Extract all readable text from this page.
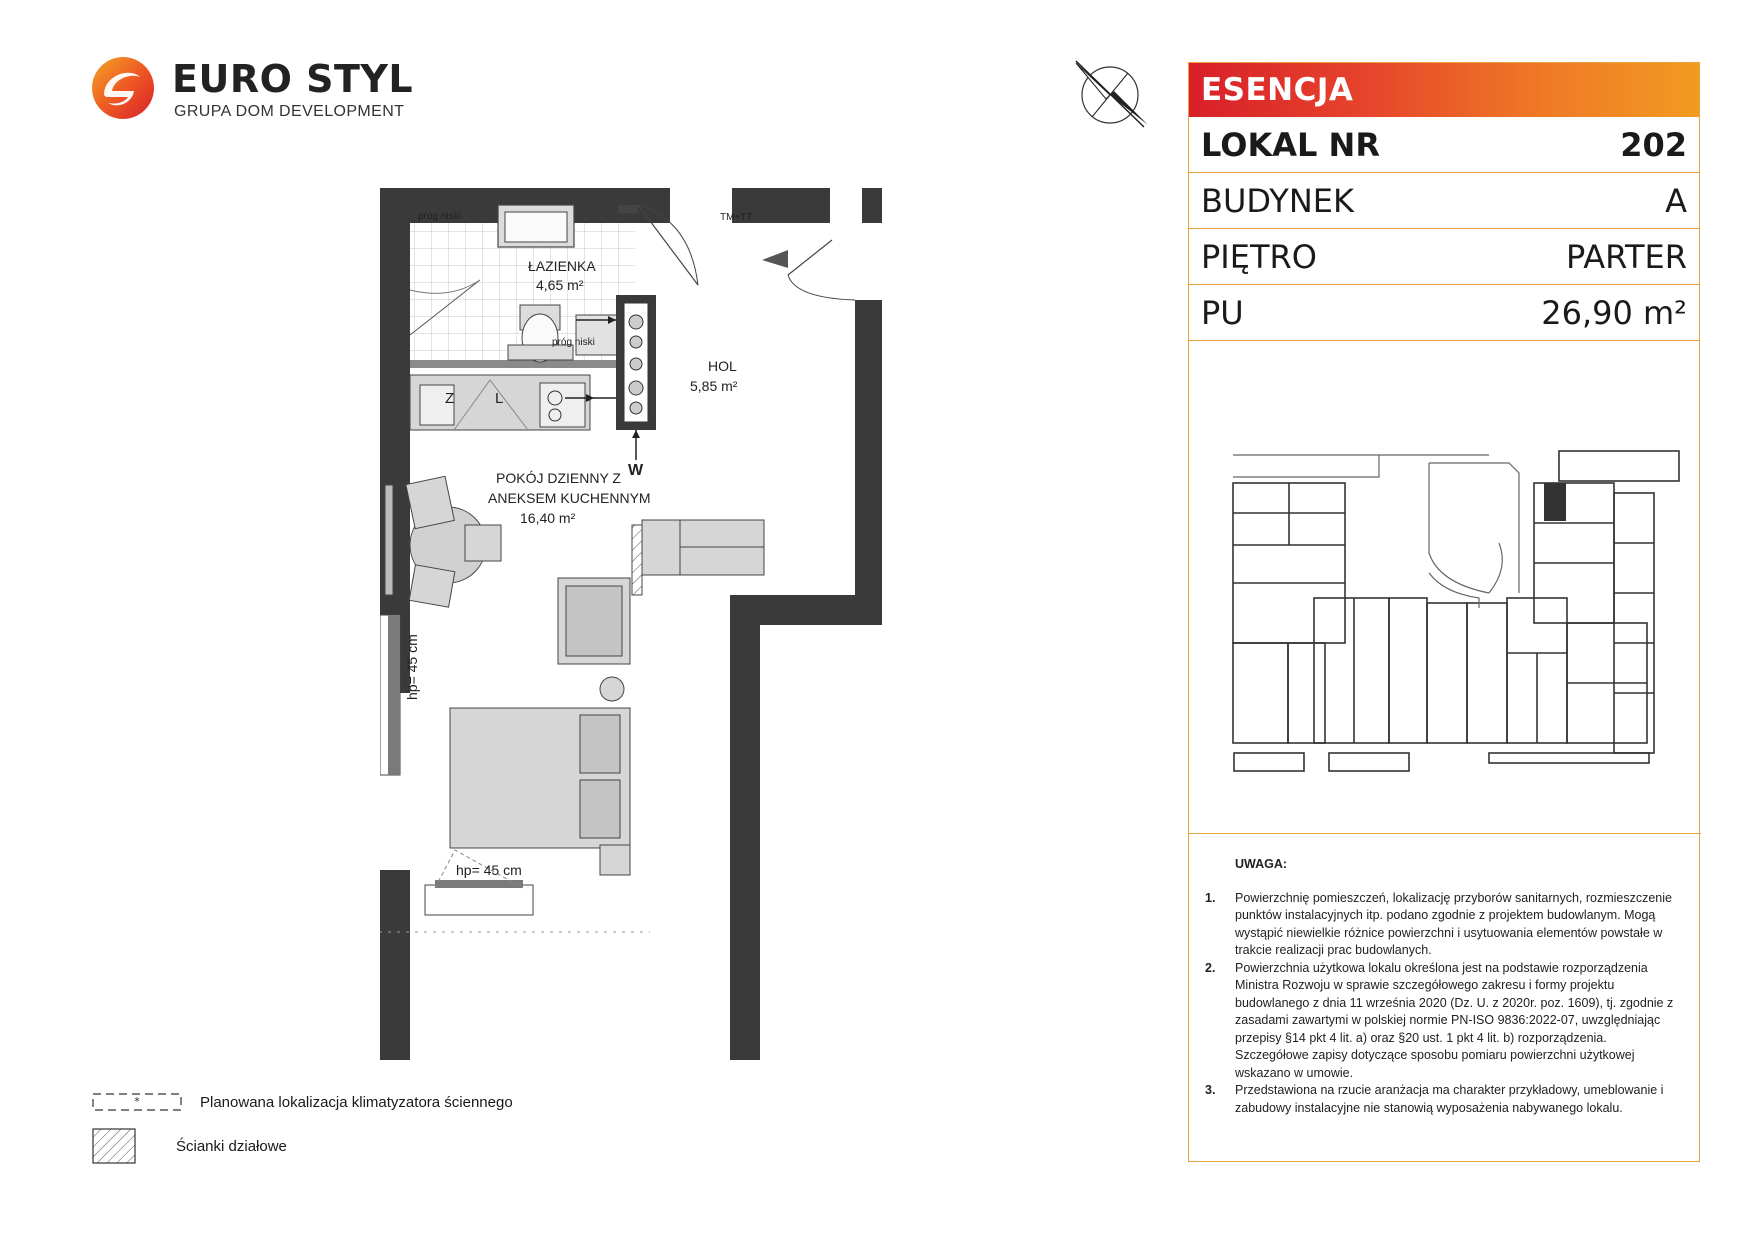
EURO STYL
GRUPA DOM DEVELOPMENT
próg niski	TM+TT
ŁAZIENKA
4,65 m²
próg niski
HOL
5,85 m²
Z	L
W
POKÓJ DZIENNY Z
ANEKSEM KUCHENNYM
16,40 m²
hp= 45 cm
hp= 45 cm
ESENCJA
LOKAL NR	202
BUDYNEK	A
PIĘTRO	PARTER
PU	26,90 m²
UWAGA:
1.	Powierzchnię pomieszczeń, lokalizację przyborów sanitarnych, rozmieszczenie punktów instalacyjnych itp. podano zgodnie z projektem budowlanym. Mogą wystąpić niewielkie różnice powierzchni i usytuowania elementów powstałe w trakcie realizacji prac budowlanych.
2.	Powierzchnia użytkowa lokalu określona jest na podstawie rozporządzenia Ministra Rozwoju w sprawie szczegółowego zakresu i formy projektu budowlanego z dnia 11 września 2020 (Dz. U. z 2020r. poz. 1609), tj. zgodnie z zasadami zawartymi w polskiej normie PN-ISO 9836:2022-07, uwzględniając przepisy §14 pkt 4 lit. a) oraz §20 ust. 1 pkt 4 lit. b) rozporządzenia. Szczegółowe zapisy dotyczące sposobu pomiaru powierzchni użytkowej wskazano w umowie.
3.	Przedstawiona na rzucie aranżacja ma charakter przykładowy, umeblowanie i zabudowy instalacyjne nie stanowią wyposażenia nabywanego lokalu.
*	Planowana lokalizacja klimatyzatora ściennego
Ścianki działowe
